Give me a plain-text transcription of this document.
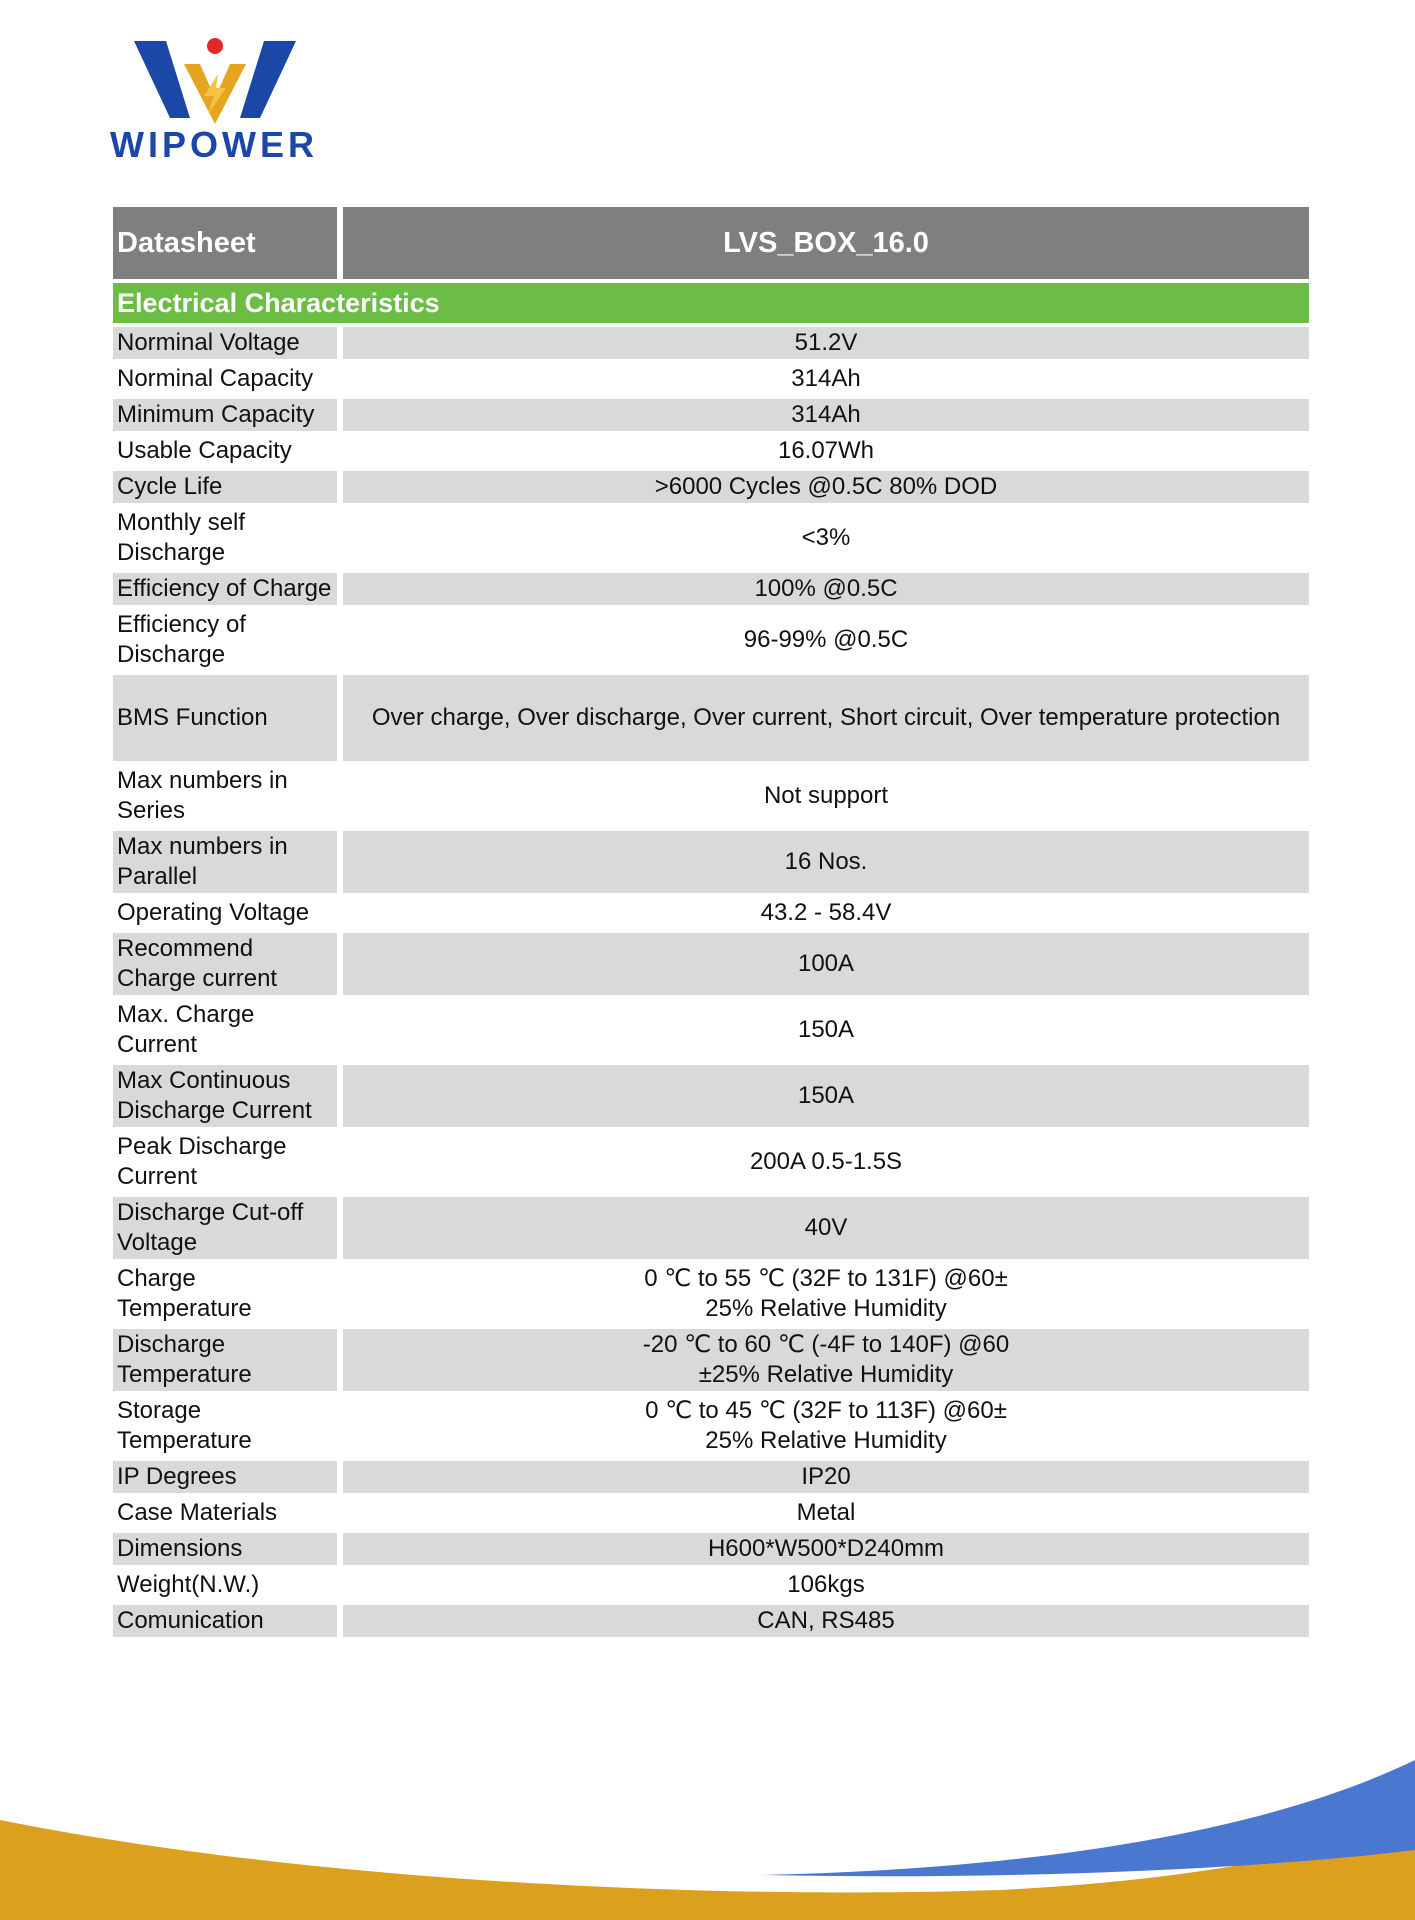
WIPOWER
Datasheet	LVS_BOX_16.0
Electrical Characteristics	
Norminal Voltage	51.2V
Norminal Capacity	314Ah
Minimum Capacity	314Ah
Usable Capacity	16.07Wh
Cycle Life	>6000 Cycles @0.5C 80% DOD
Monthly self
Discharge	<3%
Efficiency of Charge	100% @0.5C
Efficiency of
Discharge	96-99% @0.5C
BMS Function	Over charge, Over discharge, Over current, Short circuit, Over temperature protection
Max numbers in
Series	Not support
Max numbers in
Parallel	16 Nos.
Operating Voltage	43.2 - 58.4V
Recommend
Charge current	100A
Max. Charge
Current	150A
Max Continuous
Discharge Current	150A
Peak Discharge
Current	200A 0.5-1.5S
Discharge Cut-off
Voltage	40V
Charge
Temperature	0 ℃ to 55 ℃ (32F to 131F) @60±
25% Relative Humidity
Discharge
Temperature	-20 ℃ to 60 ℃ (-4F to 140F) @60
±25% Relative Humidity
Storage
Temperature	0 ℃ to 45 ℃ (32F to 113F) @60±
25% Relative Humidity
IP Degrees	IP20
Case Materials	Metal
Dimensions	H600*W500*D240mm
Weight(N.W.)	106kgs
Comunication	CAN, RS485
